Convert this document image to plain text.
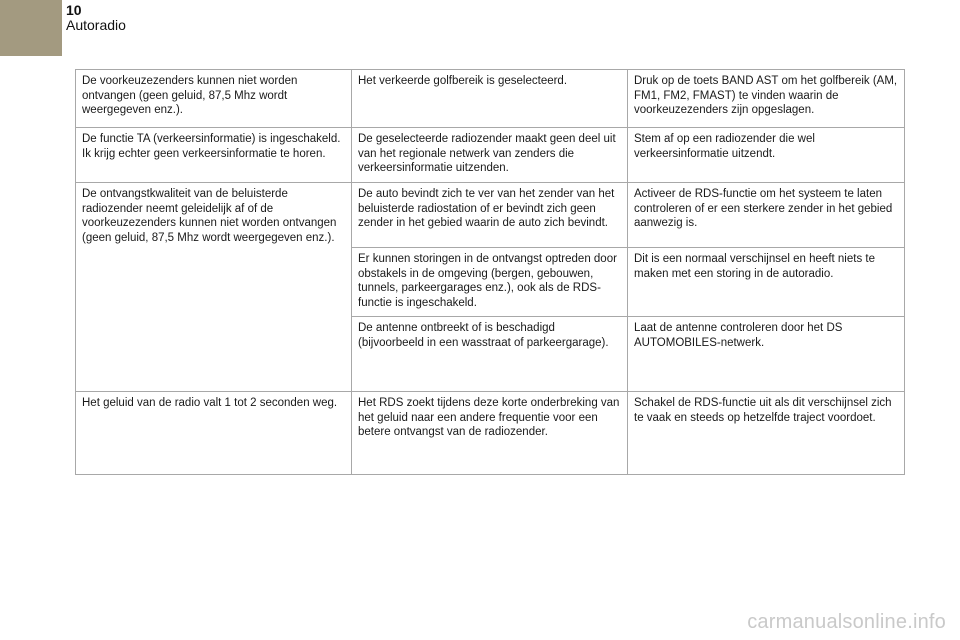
10
Autoradio
De voorkeuzezenders kunnen niet worden ontvangen (geen geluid, 87,5 Mhz wordt weergegeven enz.).	Het verkeerde golfbereik is geselecteerd.	Druk op de toets BAND AST om het golfbereik (AM, FM1, FM2, FMAST) te vinden waarin de voorkeuzezenders zijn opgeslagen.
De functie TA (verkeersinformatie) is ingeschakeld. Ik krijg echter geen verkeersinformatie te horen.	De geselecteerde radiozender maakt geen deel uit van het regionale netwerk van zenders die verkeersinformatie uitzenden.	Stem af op een radiozender die wel verkeersinformatie uitzendt.
De ontvangstkwaliteit van de beluisterde radiozender neemt geleidelijk af of de voorkeuzezenders kunnen niet worden ontvangen (geen geluid, 87,5 Mhz wordt weergegeven enz.).	De auto bevindt zich te ver van het zender van het beluisterde radiostation of er bevindt zich geen zender in het gebied waarin de auto zich bevindt.	Activeer de RDS-functie om het systeem te laten controleren of er een sterkere zender in het gebied aanwezig is.
	Er kunnen storingen in de ontvangst optreden door obstakels in de omgeving (bergen, gebouwen, tunnels, parkeergarages enz.), ook als de RDS-functie is ingeschakeld.	Dit is een normaal verschijnsel en heeft niets te maken met een storing in de autoradio.
	De antenne ontbreekt of is beschadigd (bijvoorbeeld in een wasstraat of parkeergarage).	Laat de antenne controleren door het DS AUTOMOBILES-netwerk.
Het geluid van de radio valt 1 tot 2 seconden weg.	Het RDS zoekt tijdens deze korte onderbreking van het geluid naar een andere frequentie voor een betere ontvangst van de radiozender.	Schakel de RDS-functie uit als dit verschijnsel zich te vaak en steeds op hetzelfde traject voordoet.
carmanualsonline.info
